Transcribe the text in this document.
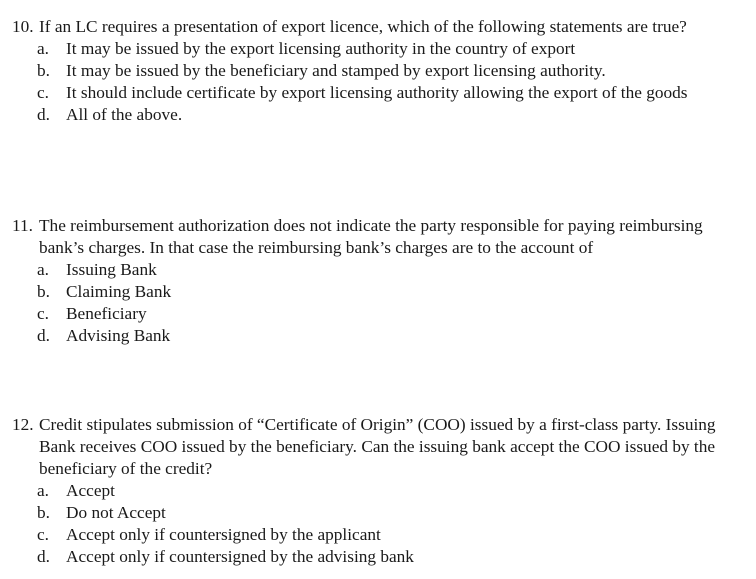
10. If an LC requires a presentation of export licence, which of the following statements are true?
a. It may be issued by the export licensing authority in the country of export
b. It may be issued by the beneficiary and stamped by export licensing authority.
c. It should include certificate by export licensing authority allowing the export of the goods
d. All of the above.
11. The reimbursement authorization does not indicate the party responsible for paying reimbursing bank’s charges. In that case the reimbursing bank’s charges are to the account of
a. Issuing Bank
b. Claiming Bank
c. Beneficiary
d. Advising Bank
12. Credit stipulates submission of “Certificate of Origin” (COO) issued by a first-class party. Issuing Bank receives COO issued by the beneficiary. Can the issuing bank accept the COO issued by the beneficiary of the credit?
a. Accept
b. Do not Accept
c. Accept only if countersigned by the applicant
d. Accept only if countersigned by the advising bank
